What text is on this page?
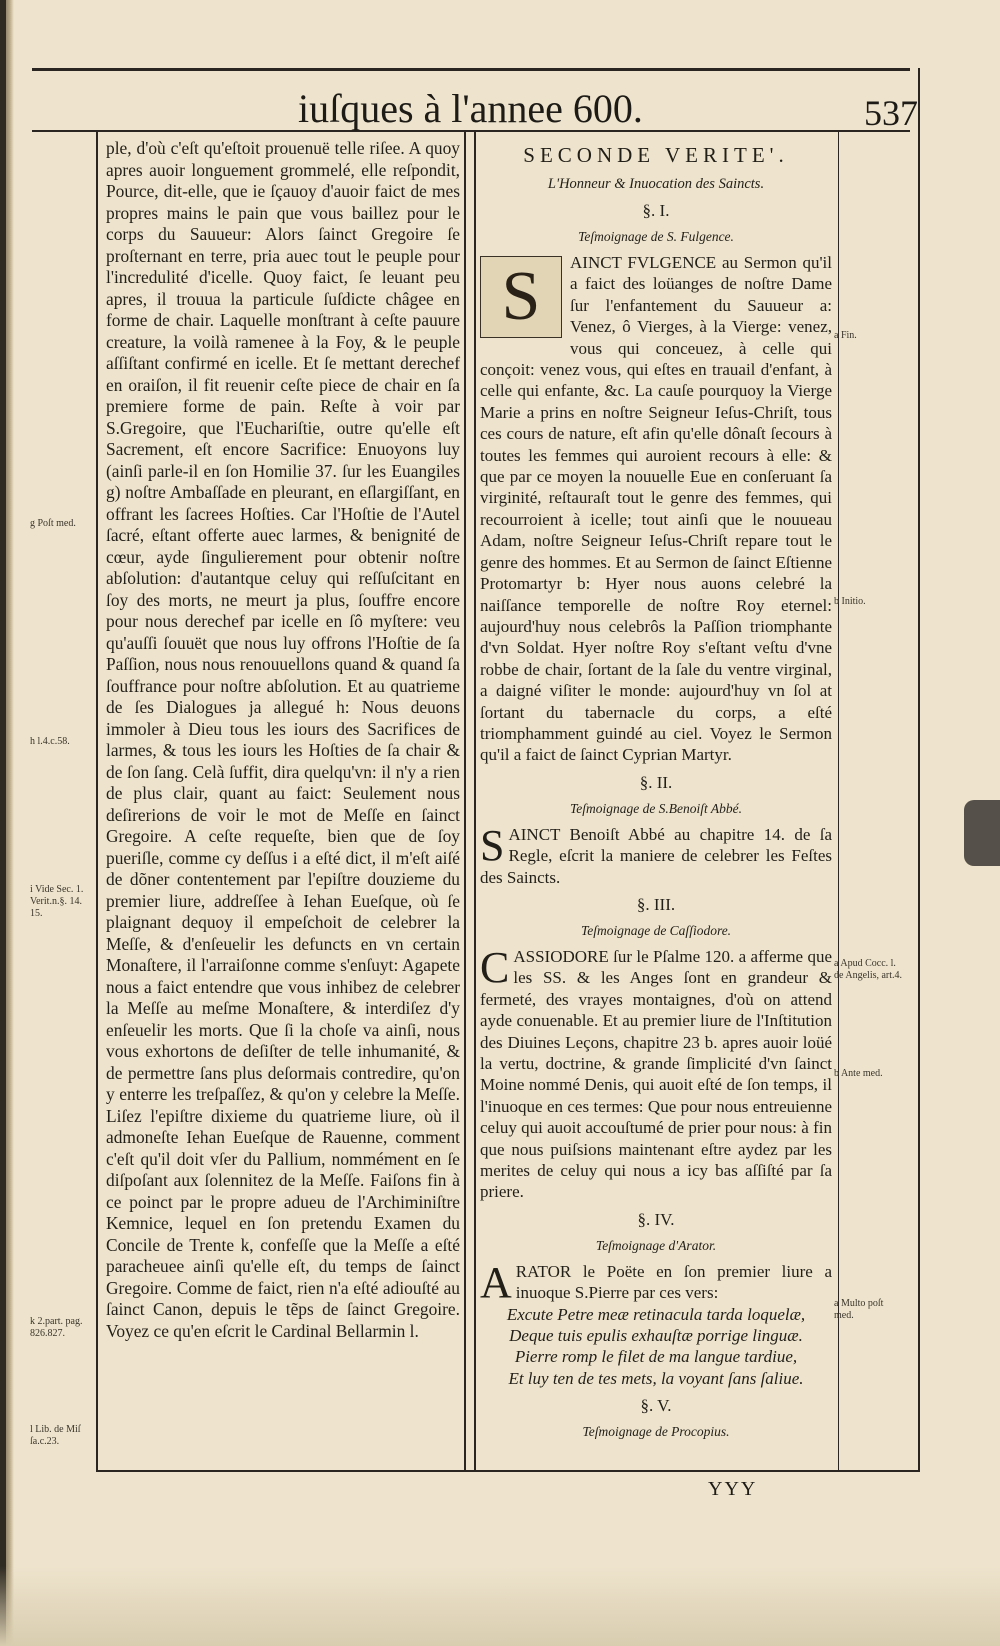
iuſques à l'annee 600.	537

ple, d'où c'eſt qu'eſtoit prouenuë telle riſee. A quoy apres auoir longuement grommelé, elle reſpondit, Pource, dit-elle, que ie ſçauoy d'auoir faict de mes propres mains le pain que vous baillez pour le corps du Sauueur: Alors ſainct Gregoire ſe proſternant en terre, pria auec tout le peuple pour l'incredulité d'icelle. Quoy faict, ſe leuant peu apres, il trouua la particule ſuſdicte châgee en forme de chair. Laquelle monſtrant à ceſte pauure creature, la voilà ramenee à la Foy, & le peuple aſſiſtant confirmé en icelle. Et ſe mettant derechef en oraiſon, il fit reuenir ceſte piece de chair en ſa premiere forme de pain. Reſte à voir par S.Gregoire, que l'Euchariſtie, outre qu'elle eſt Sacrement, eſt encore Sacrifice: Enuoyons luy (ainſi parle-il en ſon Homilie 37. ſur les Euangiles g) noſtre Ambaſſade en pleurant, en eſlargiſſant, en offrant les ſacrees Hoſties. Car l'Hoſtie de l'Autel ſacré, eſtant offerte auec larmes, & benignité de cœur, ayde ſingulierement pour obtenir noſtre abſolution: d'autantque celuy qui reſſuſcitant en ſoy des morts, ne meurt ja plus, ſouffre encore pour nous derechef par icelle en ſô myſtere: veu qu'auſſi ſouuët que nous luy offrons l'Hoſtie de ſa Paſſion, nous nous renouuellons quand & quand ſa ſouffrance pour noſtre abſolution. Et au quatrieme de ſes Dialogues ja allegué h: Nous deuons immoler à Dieu tous les iours des Sacrifices de larmes, & tous les iours les Hoſties de ſa chair & de ſon ſang. Celà ſuffit, dira quelqu'vn: il n'y a rien de plus clair, quant au faict: Seulement nous deſirerions de voir le mot de Meſſe en ſainct Gregoire. A ceſte requeſte, bien que de ſoy pueriſle, comme cy deſſus i a eſté dict, il m'eſt aiſé de dõner contentement par l'epiſtre douzieme du premier liure, addreſſee à Iehan Eueſque, où ſe plaignant dequoy il empeſchoit de celebrer la Meſſe, & d'enſeuelir les defuncts en vn certain Monaſtere, il l'arraiſonne comme s'enſuyt: Agapete nous a faict entendre que vous inhibez de celebrer la Meſſe au meſme Monaſtere, & interdiſez d'y enſeuelir les morts. Que ſi la choſe va ainſi, nous vous exhortons de deſiſter de telle inhumanité, & de permettre ſans plus deſormais contredire, qu'on y enterre les treſpaſſez, & qu'on y celebre la Meſſe. Liſez l'epiſtre dixieme du quatrieme liure, où il admoneſte Iehan Eueſque de Rauenne, comment c'eſt qu'il doit vſer du Pallium, nommément en ſe diſpoſant aux ſolennitez de la Meſſe. Faiſons fin à ce poinct par le propre adueu de l'Archiminiſtre Kemnice, lequel en ſon pretendu Examen du Concile de Trente k, confeſſe que la Meſſe a eſté paracheuee ainſi qu'elle eſt, du temps de ſainct Gregoire. Comme de faict, rien n'a eſté adiouſté au ſainct Canon, depuis le tẽps de ſainct Gregoire. Voyez ce qu'en eſcrit le Cardinal Bellarmin l.

SECONDE VERITE'.
L'Honneur & Inuocation des Saincts.
§. I.
Teſmoignage de S. Fulgence.
S	AINCT FVLGENCE au Sermon qu'il a faict des loüanges de noſtre Dame ſur l'enfantement du Sauueur a: Venez, ô Vierges, à la Vierge: venez, vous qui conceuez, à celle qui conçoit: venez vous, qui eſtes en trauail d'enfant, à celle qui enfante, &c. La cauſe pourquoy la Vierge Marie a prins en noſtre Seigneur Ieſus-Chriſt, tous ces cours de nature, eſt afin qu'elle dônaſt ſecours à toutes les femmes qui auroient recours à elle: & que par ce moyen la nouuelle Eue en conſeruant ſa virginité, reſtauraſt tout le genre des femmes, qui recourroient à icelle; tout ainſi que le nouueau Adam, noſtre Seigneur Ieſus-Chriſt repare tout le genre des hommes. Et au Sermon de ſainct Eſtienne Protomartyr b: Hyer nous auons celebré la naiſſance temporelle de noſtre Roy eternel: aujourd'huy nous celebrôs la Paſſion triomphante d'vn Soldat. Hyer noſtre Roy s'eſtant veſtu d'vne robbe de chair, ſortant de la ſale du ventre virginal, a daigné viſiter le monde: aujourd'huy vn ſol at ſortant du tabernacle du corps, a eſté triomphamment guindé au ciel. Voyez le Sermon qu'il a faict de ſainct Cyprian Martyr.

§. II.
Teſmoignage de S.Benoiſt Abbé.
S AINCT Benoiſt Abbé au chapitre 14. de ſa Regle, eſcrit la maniere de celebrer les Feſtes des Saincts.

§. III.
Teſmoignage de Caſſiodore.
C ASSIODORE ſur le Pſalme 120. a afferme que les SS. & les Anges ſont en grandeur & fermeté, des vrayes montaignes, d'où on attend ayde conuenable. Et au premier liure de l'Inſtitution des Diuines Leçons, chapitre 23 b. apres auoir loüé la vertu, doctrine, & grande ſimplicité d'vn ſainct Moine nommé Denis, qui auoit eſté de ſon temps, il l'inuoque en ces termes: Que pour nous entreuienne celuy qui auoit accouſtumé de prier pour nous: à fin que nous puiſsions maintenant eſtre aydez par les merites de celuy qui nous a icy bas aſſiſté par ſa priere.

§. IV.
Teſmoignage d'Arator.
A RATOR le Poëte en ſon premier liure a inuoque S.Pierre par ces vers:

Excute Petre meæ retinacula tarda loquelæ,

Deque tuis epulis exhauſtæ porrige linguæ.

Pierre romp le filet de ma langue tardiue,

Et luy ten de tes mets, la voyant ſans ſaliue.

§. V.
Teſmoignage de Procopius.
a Fin.
b Initio.
a Apud Cocc. l. de Angelis, art.4.
b Ante med.
a Multo poſt med.
g Poſt med.
h l.4.c.58.
i Vide Sec. 1. Verit.n.§. 14. 15.
k 2.part. pag. 826.827.
l Lib. de Miſ ſa.c.23.
YYY
